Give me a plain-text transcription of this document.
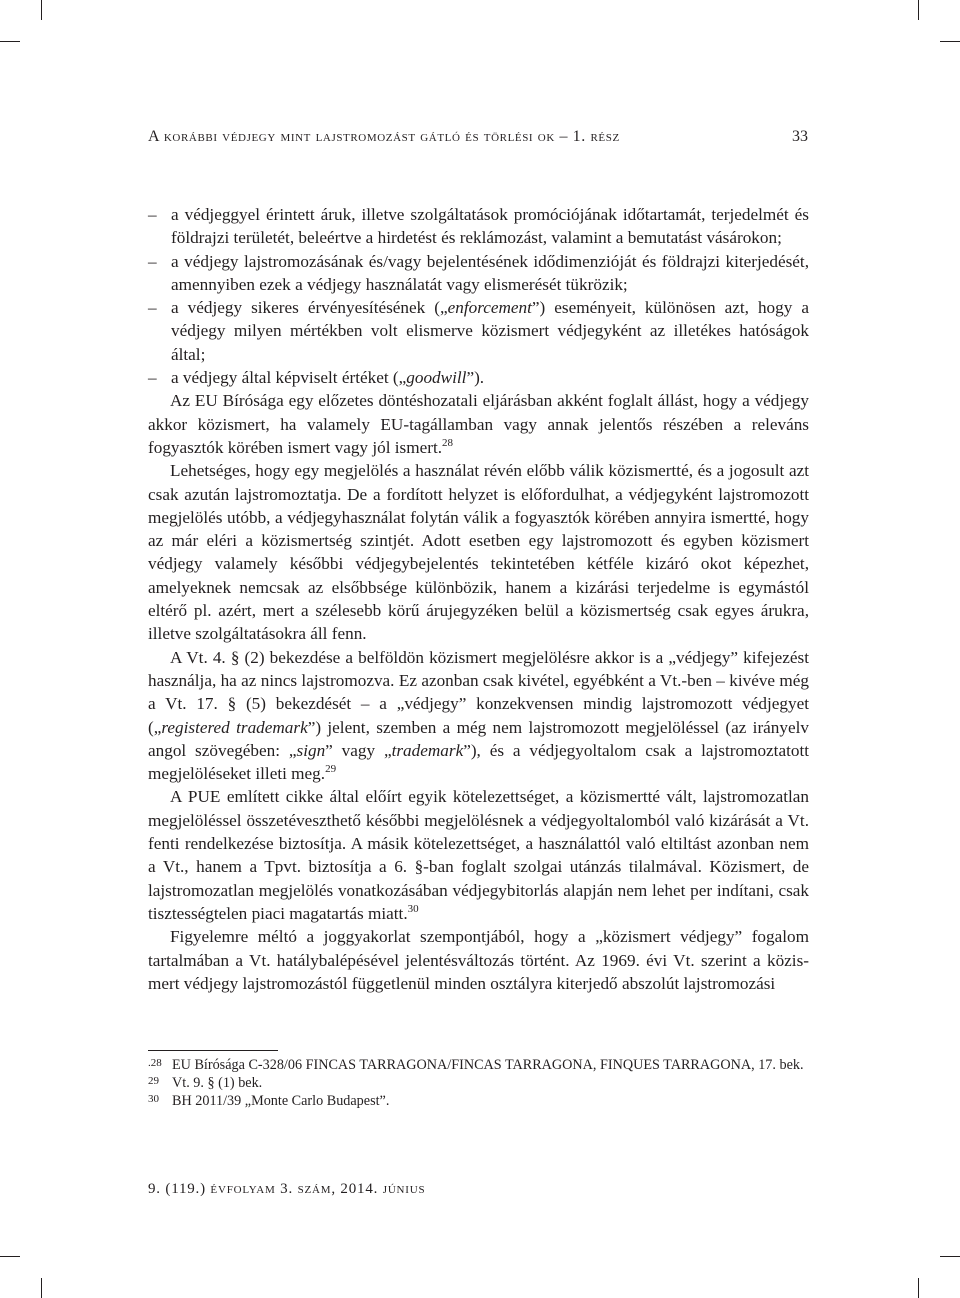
A korábbi védjegy mint lajstromozást gátló és törlési ok – 1. rész	33
– a védjeggyel érintett áruk, illetve szolgáltatások promóciójának időtartamát, terjedelmét és földrajzi területét, beleértve a hirdetést és reklámozást, valamint a bemutatást vásárokon;
– a védjegy lajstromozásának és/vagy bejelentésének idődimenzióját és földrajzi kiterjedését, amennyiben ezek a védjegy használatát vagy elismerését tükrözik;
– a védjegy sikeres érvényesítésének („enforcement”) eseményeit, különösen azt, hogy a védjegy milyen mértékben volt elismerve közismert védjegyként az illetékes hatóságok által;
– a védjegy által képviselt értéket („goodwill”).

Az EU Bírósága egy előzetes döntéshozatali eljárásban akként foglalt állást, hogy a védjegy akkor közismert, ha valamely EU-tagállamban vagy annak jelentős részében a releváns fogyasztók körében ismert vagy jól ismert.$^{28}$

Lehetséges, hogy egy megjelölés a használat révén előbb válik közismertté, és a jogosult azt csak azután lajstromoztatja. De a fordított helyzet is előfordulhat, a védjegyként lajstromozott megjelölés utóbb, a védjegyhasználat folytán válik a fogyasztók körében annyira ismertté, hogy az már eléri a közismertség szintjét. Adott esetben egy lajstromozott és egyben közismert védjegy valamely későbbi védjegybejelentés tekintetében kétféle kizáró okot képezhet, amelyeknek nemcsak az elsőbbsége különbözik, hanem a kizárási terjedelme is egymástól eltérő pl. azért, mert a szélesebb körű árujegyzéken belül a közismertség csak egyes árukra, illetve szolgáltatásokra áll fenn.

A Vt. 4. § (2) bekezdése a belföldön közismert megjelölésre akkor is a „védjegy” kifejezést használja, ha az nincs lajstromozva. Ez azonban csak kivétel, egyébként a Vt.-ben – kivéve még a Vt. 17. § (5) bekezdését – a „védjegy” konzekvensen mindig lajstromozott védjegyet („registered trademark”) jelent, szemben a még nem lajstromozott megjelöléssel (az irányelv angol szövegében: „sign” vagy „trademark”), és a védjegyoltalom csak a lajstromoztatott megjelöléseket illeti meg.$^{29}$

A PUE említett cikke által előírt egyik kötelezettséget, a közismertté vált, lajstromozatlan megjelöléssel összetéveszthető későbbi megjelölésnek a védjegyoltalomból való kizárását a Vt. fenti rendelkezése biztosítja. A másik kötelezettséget, a használattól való eltiltást azonban nem a Vt., hanem a Tpvt. biztosítja a 6. §-ban foglalt szolgai utánzás tilalmával. Közismert, de lajstromozatlan megjelölés vonatkozásában védjegybitorlás alapján nem lehet per indítani, csak tisztességtelen piaci magatartás miatt.$^{30}$

Figyelemre méltó a joggyakorlat szempontjából, hogy a „közismert védjegy” fogalom tartalmában a Vt. hatálybalépésével jelentésváltozás történt. Az 1969. évi Vt. szerint a közismert védjegy lajstromozástól függetlenül minden osztályra kiterjedő abszolút lajstromozási

.28 EU Bírósága C-328/06 FINCAS TARRAGONA/FINCAS TARRAGONA, FINQUES TARRAGONA, 17. bek.
29 Vt. 9. § (1) bek.
30 BH 2011/39 „Monte Carlo Budapest”.
9. (119.) évfolyam 3. szám, 2014. június
